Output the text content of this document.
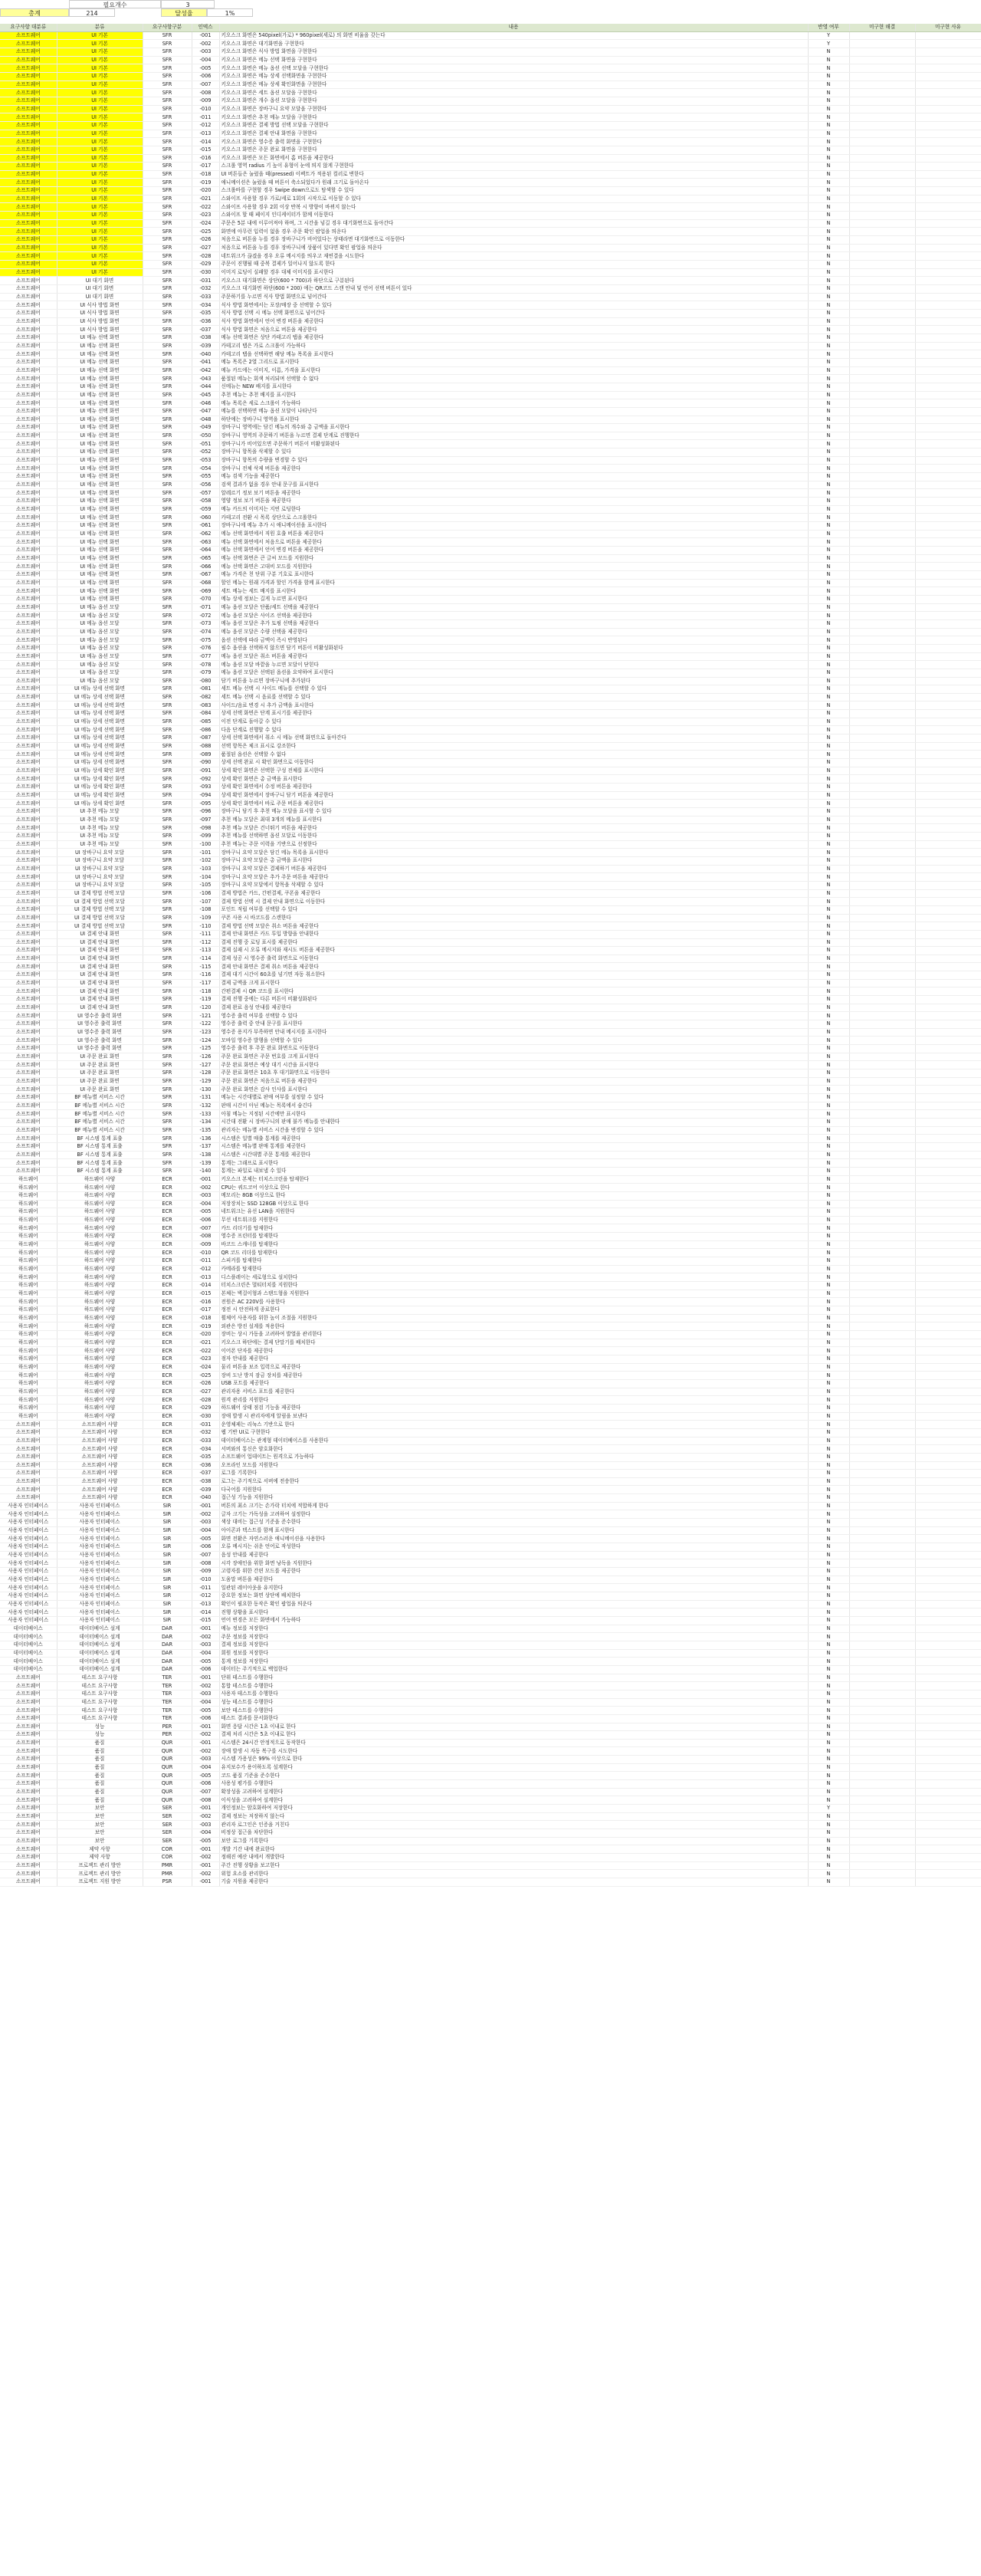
필요개수	3
총계	214	달성율	1%
요구사항 대분류	분류	요구사항구분	인덱스	내용	반영 여부	미구현 해결	미구현 사유
소프트웨어	UI 기본	SFR	-001	키오스크 화면은 540pixel(가로) * 960pixel(세로) 의 화면 비율을 갖는다	Y		
소프트웨어	UI 기본	SFR	-002	키오스크 화면은 대기화면을 구현한다	Y		
소프트웨어	UI 기본	SFR	-003	키오스크 화면은 식사 방법 화면을 구현한다	N		
소프트웨어	UI 기본	SFR	-004	키오스크 화면은 메뉴 선택 화면을 구현한다	N		
소프트웨어	UI 기본	SFR	-005	키오스크 화면은 메뉴 옵션 선택 모달을 구현한다	N		
소프트웨어	UI 기본	SFR	-006	키오스크 화면은 메뉴 상세 선택화면을 구현한다	N		
소프트웨어	UI 기본	SFR	-007	키오스크 화면은 메뉴 상세 확인화면을 구현한다	N		
소프트웨어	UI 기본	SFR	-008	키오스크 화면은 세트 옵션 모달을 구현한다	N		
소프트웨어	UI 기본	SFR	-009	키오스크 화면은 개수 옵션 모달을 구현한다	N		
소프트웨어	UI 기본	SFR	-010	키오스크 화면은 장바구니 요약 모달을 구현한다	N		
소프트웨어	UI 기본	SFR	-011	키오스크 화면은 추천 메뉴 모달을 구현한다	N		
소프트웨어	UI 기본	SFR	-012	키오스크 화면은 결제 방법 선택 모달을 구현한다	N		
소프트웨어	UI 기본	SFR	-013	키오스크 화면은 결제 안내 화면을 구현한다	N		
소프트웨어	UI 기본	SFR	-014	키오스크 화면은 영수증 출력 화면을 구현한다	N		
소프트웨어	UI 기본	SFR	-015	키오스크 화면은 주문 완료 화면을 구현한다	N		
소프트웨어	UI 기본	SFR	-016	키오스크 화면은 모든 화면에서 홈 버튼을 제공한다	N		
소프트웨어	UI 기본	SFR	-017	스크롤 영역 radius 기 높이 유형이 눈에 띄지 않게 구현한다	N		
소프트웨어	UI 기본	SFR	-018	UI 버튼들은 눌렀을 때(pressed) 이펙트가 적용된 컬러로 변한다	N		
소프트웨어	UI 기본	SFR	-019	애니메이션은 눌렀을 때 버튼이 축소되었다가 원래 크기로 돌아온다	N		
소프트웨어	UI 기본	SFR	-020	스크롤바를 구현할 경우 Swipe down으로도 탐색할 수 있다	N		
소프트웨어	UI 기본	SFR	-021	스와이프 사용할 경우 가로/세로 1회의 시작으로 이동할 수 있다	N		
소프트웨어	UI 기본	SFR	-022	스와이프 사용할 경우 2회 이상 반복 시 방향이 바뀌지 않는다	N		
소프트웨어	UI 기본	SFR	-023	스와이프 할 때 페이지 인디케이터가 함께 이동한다	N		
소프트웨어	UI 기본	SFR	-024	주문은 5분 내에 이루어져야 하며, 그 시간을 넘길 경우 대기화면으로 돌아간다	N		
소프트웨어	UI 기본	SFR	-025	화면에 아무런 입력이 없을 경우 주문 확인 팝업을 띄운다	N		
소프트웨어	UI 기본	SFR	-026	처음으로 버튼을 누를 경우 장바구니가 비어있다는 상태라면 대기화면으로 이동한다	N		
소프트웨어	UI 기본	SFR	-027	처음으로 버튼을 누를 경우 장바구니에 상품이 있다면 확인 팝업을 띄운다	N		
소프트웨어	UI 기본	SFR	-028	네트워크가 끊겼을 경우 오류 메시지를 띄우고 재연결을 시도한다	N		
소프트웨어	UI 기본	SFR	-029	주문이 진행될 때 중복 결제가 일어나지 않도록 한다	N		
소프트웨어	UI 기본	SFR	-030	이미지 로딩이 실패할 경우 대체 이미지를 표시한다	N		
소프트웨어	UI 대기 화면	SFR	-031	키오스크 대기화면은 상단(600 * 700)과 하단으로 구분된다	N		
소프트웨어	UI 대기 화면	SFR	-032	키오스크 대기화면 하단(600 * 200) 에는 QR코드 스캔 안내 및 언어 선택 버튼이 있다	N		
소프트웨어	UI 대기 화면	SFR	-033	주문하기를 누르면 식사 방법 화면으로 넘어간다	N		
소프트웨어	UI 식사 방법 화면	SFR	-034	식사 방법 화면에서는 포장/매장 중 선택할 수 있다	N		
소프트웨어	UI 식사 방법 화면	SFR	-035	식사 방법 선택 시 메뉴 선택 화면으로 넘어간다	N		
소프트웨어	UI 식사 방법 화면	SFR	-036	식사 방법 화면에서 언어 변경 버튼을 제공한다	N		
소프트웨어	UI 식사 방법 화면	SFR	-037	식사 방법 화면은 처음으로 버튼을 제공한다	N		
소프트웨어	UI 메뉴 선택 화면	SFR	-038	메뉴 선택 화면은 상단 카테고리 탭을 제공한다	N		
소프트웨어	UI 메뉴 선택 화면	SFR	-039	카테고리 탭은 가로 스크롤이 가능하다	N		
소프트웨어	UI 메뉴 선택 화면	SFR	-040	카테고리 탭을 선택하면 해당 메뉴 목록을 표시한다	N		
소프트웨어	UI 메뉴 선택 화면	SFR	-041	메뉴 목록은 2열 그리드로 표시한다	N		
소프트웨어	UI 메뉴 선택 화면	SFR	-042	메뉴 카드에는 이미지, 이름, 가격을 표시한다	N		
소프트웨어	UI 메뉴 선택 화면	SFR	-043	품절된 메뉴는 회색 처리되며 선택할 수 없다	N		
소프트웨어	UI 메뉴 선택 화면	SFR	-044	신메뉴는 NEW 배지를 표시한다	N		
소프트웨어	UI 메뉴 선택 화면	SFR	-045	추천 메뉴는 추천 배지를 표시한다	N		
소프트웨어	UI 메뉴 선택 화면	SFR	-046	메뉴 목록은 세로 스크롤이 가능하다	N		
소프트웨어	UI 메뉴 선택 화면	SFR	-047	메뉴를 선택하면 메뉴 옵션 모달이 나타난다	N		
소프트웨어	UI 메뉴 선택 화면	SFR	-048	하단에는 장바구니 영역을 표시한다	N		
소프트웨어	UI 메뉴 선택 화면	SFR	-049	장바구니 영역에는 담긴 메뉴의 개수와 총 금액을 표시한다	N		
소프트웨어	UI 메뉴 선택 화면	SFR	-050	장바구니 영역의 주문하기 버튼을 누르면 결제 단계로 진행한다	N		
소프트웨어	UI 메뉴 선택 화면	SFR	-051	장바구니가 비어있으면 주문하기 버튼이 비활성화된다	N		
소프트웨어	UI 메뉴 선택 화면	SFR	-052	장바구니 항목을 삭제할 수 있다	N		
소프트웨어	UI 메뉴 선택 화면	SFR	-053	장바구니 항목의 수량을 변경할 수 있다	N		
소프트웨어	UI 메뉴 선택 화면	SFR	-054	장바구니 전체 삭제 버튼을 제공한다	N		
소프트웨어	UI 메뉴 선택 화면	SFR	-055	메뉴 검색 기능을 제공한다	N		
소프트웨어	UI 메뉴 선택 화면	SFR	-056	검색 결과가 없을 경우 안내 문구를 표시한다	N		
소프트웨어	UI 메뉴 선택 화면	SFR	-057	알레르기 정보 보기 버튼을 제공한다	N		
소프트웨어	UI 메뉴 선택 화면	SFR	-058	영양 정보 보기 버튼을 제공한다	N		
소프트웨어	UI 메뉴 선택 화면	SFR	-059	메뉴 카드의 이미지는 지연 로딩한다	N		
소프트웨어	UI 메뉴 선택 화면	SFR	-060	카테고리 전환 시 목록 상단으로 스크롤한다	N		
소프트웨어	UI 메뉴 선택 화면	SFR	-061	장바구니에 메뉴 추가 시 애니메이션을 표시한다	N		
소프트웨어	UI 메뉴 선택 화면	SFR	-062	메뉴 선택 화면에서 직원 호출 버튼을 제공한다	N		
소프트웨어	UI 메뉴 선택 화면	SFR	-063	메뉴 선택 화면에서 처음으로 버튼을 제공한다	N		
소프트웨어	UI 메뉴 선택 화면	SFR	-064	메뉴 선택 화면에서 언어 변경 버튼을 제공한다	N		
소프트웨어	UI 메뉴 선택 화면	SFR	-065	메뉴 선택 화면은 큰 글씨 모드를 지원한다	N		
소프트웨어	UI 메뉴 선택 화면	SFR	-066	메뉴 선택 화면은 고대비 모드를 지원한다	N		
소프트웨어	UI 메뉴 선택 화면	SFR	-067	메뉴 가격은 천 단위 구분 기호로 표시한다	N		
소프트웨어	UI 메뉴 선택 화면	SFR	-068	할인 메뉴는 원래 가격과 할인 가격을 함께 표시한다	N		
소프트웨어	UI 메뉴 선택 화면	SFR	-069	세트 메뉴는 세트 배지를 표시한다	N		
소프트웨어	UI 메뉴 선택 화면	SFR	-070	메뉴 상세 정보는 길게 누르면 표시한다	N		
소프트웨어	UI 메뉴 옵션 모달	SFR	-071	메뉴 옵션 모달은 단품/세트 선택을 제공한다	N		
소프트웨어	UI 메뉴 옵션 모달	SFR	-072	메뉴 옵션 모달은 사이즈 선택을 제공한다	N		
소프트웨어	UI 메뉴 옵션 모달	SFR	-073	메뉴 옵션 모달은 추가 토핑 선택을 제공한다	N		
소프트웨어	UI 메뉴 옵션 모달	SFR	-074	메뉴 옵션 모달은 수량 선택을 제공한다	N		
소프트웨어	UI 메뉴 옵션 모달	SFR	-075	옵션 선택에 따라 금액이 즉시 반영된다	N		
소프트웨어	UI 메뉴 옵션 모달	SFR	-076	필수 옵션을 선택하지 않으면 담기 버튼이 비활성화된다	N		
소프트웨어	UI 메뉴 옵션 모달	SFR	-077	메뉴 옵션 모달은 취소 버튼을 제공한다	N		
소프트웨어	UI 메뉴 옵션 모달	SFR	-078	메뉴 옵션 모달 바깥을 누르면 모달이 닫힌다	N		
소프트웨어	UI 메뉴 옵션 모달	SFR	-079	메뉴 옵션 모달은 선택된 옵션을 요약하여 표시한다	N		
소프트웨어	UI 메뉴 옵션 모달	SFR	-080	담기 버튼을 누르면 장바구니에 추가된다	N		
소프트웨어	UI 메뉴 상세 선택 화면	SFR	-081	세트 메뉴 선택 시 사이드 메뉴를 선택할 수 있다	N		
소프트웨어	UI 메뉴 상세 선택 화면	SFR	-082	세트 메뉴 선택 시 음료를 선택할 수 있다	N		
소프트웨어	UI 메뉴 상세 선택 화면	SFR	-083	사이드/음료 변경 시 추가 금액을 표시한다	N		
소프트웨어	UI 메뉴 상세 선택 화면	SFR	-084	상세 선택 화면은 단계 표시기를 제공한다	N		
소프트웨어	UI 메뉴 상세 선택 화면	SFR	-085	이전 단계로 돌아갈 수 있다	N		
소프트웨어	UI 메뉴 상세 선택 화면	SFR	-086	다음 단계로 진행할 수 있다	N		
소프트웨어	UI 메뉴 상세 선택 화면	SFR	-087	상세 선택 화면에서 취소 시 메뉴 선택 화면으로 돌아간다	N		
소프트웨어	UI 메뉴 상세 선택 화면	SFR	-088	선택 항목은 체크 표시로 강조한다	N		
소프트웨어	UI 메뉴 상세 선택 화면	SFR	-089	품절된 옵션은 선택할 수 없다	N		
소프트웨어	UI 메뉴 상세 선택 화면	SFR	-090	상세 선택 완료 시 확인 화면으로 이동한다	N		
소프트웨어	UI 메뉴 상세 확인 화면	SFR	-091	상세 확인 화면은 선택한 구성 전체를 표시한다	N		
소프트웨어	UI 메뉴 상세 확인 화면	SFR	-092	상세 확인 화면은 총 금액을 표시한다	N		
소프트웨어	UI 메뉴 상세 확인 화면	SFR	-093	상세 확인 화면에서 수정 버튼을 제공한다	N		
소프트웨어	UI 메뉴 상세 확인 화면	SFR	-094	상세 확인 화면에서 장바구니 담기 버튼을 제공한다	N		
소프트웨어	UI 메뉴 상세 확인 화면	SFR	-095	상세 확인 화면에서 바로 주문 버튼을 제공한다	N		
소프트웨어	UI 추천 메뉴 모달	SFR	-096	장바구니 담기 후 추천 메뉴 모달을 표시할 수 있다	N		
소프트웨어	UI 추천 메뉴 모달	SFR	-097	추천 메뉴 모달은 최대 3개의 메뉴를 표시한다	N		
소프트웨어	UI 추천 메뉴 모달	SFR	-098	추천 메뉴 모달은 건너뛰기 버튼을 제공한다	N		
소프트웨어	UI 추천 메뉴 모달	SFR	-099	추천 메뉴를 선택하면 옵션 모달로 이동한다	N		
소프트웨어	UI 추천 메뉴 모달	SFR	-100	추천 메뉴는 주문 이력을 기반으로 선정한다	N		
소프트웨어	UI 장바구니 요약 모달	SFR	-101	장바구니 요약 모달은 담긴 메뉴 목록을 표시한다	N		
소프트웨어	UI 장바구니 요약 모달	SFR	-102	장바구니 요약 모달은 총 금액을 표시한다	N		
소프트웨어	UI 장바구니 요약 모달	SFR	-103	장바구니 요약 모달은 결제하기 버튼을 제공한다	N		
소프트웨어	UI 장바구니 요약 모달	SFR	-104	장바구니 요약 모달은 추가 주문 버튼을 제공한다	N		
소프트웨어	UI 장바구니 요약 모달	SFR	-105	장바구니 요약 모달에서 항목을 삭제할 수 있다	N		
소프트웨어	UI 결제 방법 선택 모달	SFR	-106	결제 방법은 카드, 간편결제, 쿠폰을 제공한다	N		
소프트웨어	UI 결제 방법 선택 모달	SFR	-107	결제 방법 선택 시 결제 안내 화면으로 이동한다	N		
소프트웨어	UI 결제 방법 선택 모달	SFR	-108	포인트 적립 여부를 선택할 수 있다	N		
소프트웨어	UI 결제 방법 선택 모달	SFR	-109	쿠폰 사용 시 바코드를 스캔한다	N		
소프트웨어	UI 결제 방법 선택 모달	SFR	-110	결제 방법 선택 모달은 취소 버튼을 제공한다	N		
소프트웨어	UI 결제 안내 화면	SFR	-111	결제 안내 화면은 카드 투입 방향을 안내한다	N		
소프트웨어	UI 결제 안내 화면	SFR	-112	결제 진행 중 로딩 표시를 제공한다	N		
소프트웨어	UI 결제 안내 화면	SFR	-113	결제 실패 시 오류 메시지와 재시도 버튼을 제공한다	N		
소프트웨어	UI 결제 안내 화면	SFR	-114	결제 성공 시 영수증 출력 화면으로 이동한다	N		
소프트웨어	UI 결제 안내 화면	SFR	-115	결제 안내 화면은 결제 취소 버튼을 제공한다	N		
소프트웨어	UI 결제 안내 화면	SFR	-116	결제 대기 시간이 60초를 넘기면 자동 취소한다	N		
소프트웨어	UI 결제 안내 화면	SFR	-117	결제 금액을 크게 표시한다	N		
소프트웨어	UI 결제 안내 화면	SFR	-118	간편결제 시 QR 코드를 표시한다	N		
소프트웨어	UI 결제 안내 화면	SFR	-119	결제 진행 중에는 다른 버튼이 비활성화된다	N		
소프트웨어	UI 결제 안내 화면	SFR	-120	결제 완료 음성 안내를 제공한다	N		
소프트웨어	UI 영수증 출력 화면	SFR	-121	영수증 출력 여부를 선택할 수 있다	N		
소프트웨어	UI 영수증 출력 화면	SFR	-122	영수증 출력 중 안내 문구를 표시한다	N		
소프트웨어	UI 영수증 출력 화면	SFR	-123	영수증 용지가 부족하면 안내 메시지를 표시한다	N		
소프트웨어	UI 영수증 출력 화면	SFR	-124	모바일 영수증 발행을 선택할 수 있다	N		
소프트웨어	UI 영수증 출력 화면	SFR	-125	영수증 출력 후 주문 완료 화면으로 이동한다	N		
소프트웨어	UI 주문 완료 화면	SFR	-126	주문 완료 화면은 주문 번호를 크게 표시한다	N		
소프트웨어	UI 주문 완료 화면	SFR	-127	주문 완료 화면은 예상 대기 시간을 표시한다	N		
소프트웨어	UI 주문 완료 화면	SFR	-128	주문 완료 화면은 10초 후 대기화면으로 이동한다	N		
소프트웨어	UI 주문 완료 화면	SFR	-129	주문 완료 화면은 처음으로 버튼을 제공한다	N		
소프트웨어	UI 주문 완료 화면	SFR	-130	주문 완료 화면은 감사 인사를 표시한다	N		
소프트웨어	BF 메뉴별 서비스 시간	SFR	-131	메뉴는 시간대별로 판매 여부를 설정할 수 있다	N		
소프트웨어	BF 메뉴별 서비스 시간	SFR	-132	판매 시간이 아닌 메뉴는 목록에서 숨긴다	N		
소프트웨어	BF 메뉴별 서비스 시간	SFR	-133	아침 메뉴는 지정된 시간에만 표시한다	N		
소프트웨어	BF 메뉴별 서비스 시간	SFR	-134	시간대 전환 시 장바구니의 판매 불가 메뉴를 안내한다	N		
소프트웨어	BF 메뉴별 서비스 시간	SFR	-135	관리자는 메뉴별 서비스 시간을 변경할 수 있다	N		
소프트웨어	BF 시스템 통계 표출	SFR	-136	시스템은 일별 매출 통계를 제공한다	N		
소프트웨어	BF 시스템 통계 표출	SFR	-137	시스템은 메뉴별 판매 통계를 제공한다	N		
소프트웨어	BF 시스템 통계 표출	SFR	-138	시스템은 시간대별 주문 통계를 제공한다	N		
소프트웨어	BF 시스템 통계 표출	SFR	-139	통계는 그래프로 표시한다	N		
소프트웨어	BF 시스템 통계 표출	SFR	-140	통계는 파일로 내보낼 수 있다	N		
하드웨어	하드웨어 사양	ECR	-001	키오스크 본체는 터치스크린을 탑재한다	N		
하드웨어	하드웨어 사양	ECR	-002	CPU는 쿼드코어 이상으로 한다	N		
하드웨어	하드웨어 사양	ECR	-003	메모리는 8GB 이상으로 한다	N		
하드웨어	하드웨어 사양	ECR	-004	저장장치는 SSD 128GB 이상으로 한다	N		
하드웨어	하드웨어 사양	ECR	-005	네트워크는 유선 LAN을 지원한다	N		
하드웨어	하드웨어 사양	ECR	-006	무선 네트워크를 지원한다	N		
하드웨어	하드웨어 사양	ECR	-007	카드 리더기를 탑재한다	N		
하드웨어	하드웨어 사양	ECR	-008	영수증 프린터를 탑재한다	N		
하드웨어	하드웨어 사양	ECR	-009	바코드 스캐너를 탑재한다	N		
하드웨어	하드웨어 사양	ECR	-010	QR 코드 리더를 탑재한다	N		
하드웨어	하드웨어 사양	ECR	-011	스피커를 탑재한다	N		
하드웨어	하드웨어 사양	ECR	-012	카메라를 탑재한다	N		
하드웨어	하드웨어 사양	ECR	-013	디스플레이는 세로형으로 설치한다	N		
하드웨어	하드웨어 사양	ECR	-014	터치스크린은 멀티터치를 지원한다	N		
하드웨어	하드웨어 사양	ECR	-015	본체는 벽걸이형과 스탠드형을 지원한다	N		
하드웨어	하드웨어 사양	ECR	-016	전원은 AC 220V를 사용한다	N		
하드웨어	하드웨어 사양	ECR	-017	정전 시 안전하게 종료한다	N		
하드웨어	하드웨어 사양	ECR	-018	휠체어 사용자를 위한 높이 조절을 지원한다	N		
하드웨어	하드웨어 사양	ECR	-019	외관은 방진 설계를 적용한다	N		
하드웨어	하드웨어 사양	ECR	-020	장비는 상시 가동을 고려하여 발열을 관리한다	N		
하드웨어	하드웨어 사양	ECR	-021	키오스크 하단에는 결제 단말기를 배치한다	N		
하드웨어	하드웨어 사양	ECR	-022	이어폰 단자를 제공한다	N		
하드웨어	하드웨어 사양	ECR	-023	점자 안내를 제공한다	N		
하드웨어	하드웨어 사양	ECR	-024	물리 버튼을 보조 입력으로 제공한다	N		
하드웨어	하드웨어 사양	ECR	-025	장비 도난 방지 잠금 장치를 제공한다	N		
하드웨어	하드웨어 사양	ECR	-026	USB 포트를 제공한다	N		
하드웨어	하드웨어 사양	ECR	-027	관리자용 서비스 포트를 제공한다	N		
하드웨어	하드웨어 사양	ECR	-028	원격 관리를 지원한다	N		
하드웨어	하드웨어 사양	ECR	-029	하드웨어 상태 점검 기능을 제공한다	N		
하드웨어	하드웨어 사양	ECR	-030	장애 발생 시 관리자에게 알림을 보낸다	N		
소프트웨어	소프트웨어 사양	ECR	-031	운영체제는 리눅스 기반으로 한다	N		
소프트웨어	소프트웨어 사양	ECR	-032	웹 기반 UI로 구현한다	N		
소프트웨어	소프트웨어 사양	ECR	-033	데이터베이스는 관계형 데이터베이스를 사용한다	N		
소프트웨어	소프트웨어 사양	ECR	-034	서버와의 통신은 암호화한다	N		
소프트웨어	소프트웨어 사양	ECR	-035	소프트웨어 업데이트는 원격으로 가능하다	N		
소프트웨어	소프트웨어 사양	ECR	-036	오프라인 모드를 지원한다	N		
소프트웨어	소프트웨어 사양	ECR	-037	로그를 기록한다	N		
소프트웨어	소프트웨어 사양	ECR	-038	로그는 주기적으로 서버에 전송한다	N		
소프트웨어	소프트웨어 사양	ECR	-039	다국어를 지원한다	N		
소프트웨어	소프트웨어 사양	ECR	-040	접근성 기능을 지원한다	N		
사용자 인터페이스	사용자 인터페이스	SIR	-001	버튼의 최소 크기는 손가락 터치에 적합하게 한다	N		
사용자 인터페이스	사용자 인터페이스	SIR	-002	글자 크기는 가독성을 고려하여 설정한다	N		
사용자 인터페이스	사용자 인터페이스	SIR	-003	색상 대비는 접근성 기준을 준수한다	N		
사용자 인터페이스	사용자 인터페이스	SIR	-004	아이콘과 텍스트를 함께 표시한다	N		
사용자 인터페이스	사용자 인터페이스	SIR	-005	화면 전환은 자연스러운 애니메이션을 사용한다	N		
사용자 인터페이스	사용자 인터페이스	SIR	-006	오류 메시지는 쉬운 언어로 작성한다	N		
사용자 인터페이스	사용자 인터페이스	SIR	-007	음성 안내를 제공한다	N		
사용자 인터페이스	사용자 인터페이스	SIR	-008	시각 장애인을 위한 화면 낭독을 지원한다	N		
사용자 인터페이스	사용자 인터페이스	SIR	-009	고령자를 위한 간편 모드를 제공한다	N		
사용자 인터페이스	사용자 인터페이스	SIR	-010	도움말 버튼을 제공한다	N		
사용자 인터페이스	사용자 인터페이스	SIR	-011	일관된 레이아웃을 유지한다	N		
사용자 인터페이스	사용자 인터페이스	SIR	-012	중요한 정보는 화면 상단에 배치한다	N		
사용자 인터페이스	사용자 인터페이스	SIR	-013	확인이 필요한 동작은 확인 팝업을 띄운다	N		
사용자 인터페이스	사용자 인터페이스	SIR	-014	진행 상황을 표시한다	N		
사용자 인터페이스	사용자 인터페이스	SIR	-015	언어 변경은 모든 화면에서 가능하다	N		
데이터베이스	데이터베이스 설계	DAR	-001	메뉴 정보를 저장한다	N		
데이터베이스	데이터베이스 설계	DAR	-002	주문 정보를 저장한다	N		
데이터베이스	데이터베이스 설계	DAR	-003	결제 정보를 저장한다	N		
데이터베이스	데이터베이스 설계	DAR	-004	회원 정보를 저장한다	N		
데이터베이스	데이터베이스 설계	DAR	-005	통계 정보를 저장한다	N		
데이터베이스	데이터베이스 설계	DAR	-006	데이터는 주기적으로 백업한다	N		
소프트웨어	테스트 요구사항	TER	-001	단위 테스트를 수행한다	N		
소프트웨어	테스트 요구사항	TER	-002	통합 테스트를 수행한다	N		
소프트웨어	테스트 요구사항	TER	-003	사용자 테스트를 수행한다	N		
소프트웨어	테스트 요구사항	TER	-004	성능 테스트를 수행한다	N		
소프트웨어	테스트 요구사항	TER	-005	보안 테스트를 수행한다	N		
소프트웨어	테스트 요구사항	TER	-006	테스트 결과를 문서화한다	N		
소프트웨어	성능	PER	-001	화면 응답 시간은 1초 이내로 한다	N		
소프트웨어	성능	PER	-002	결제 처리 시간은 5초 이내로 한다	N		
소프트웨어	품질	QUR	-001	시스템은 24시간 안정적으로 동작한다	N		
소프트웨어	품질	QUR	-002	장애 발생 시 자동 복구를 시도한다	N		
소프트웨어	품질	QUR	-003	시스템 가용성은 99% 이상으로 한다	N		
소프트웨어	품질	QUR	-004	유지보수가 용이하도록 설계한다	N		
소프트웨어	품질	QUR	-005	코드 품질 기준을 준수한다	N		
소프트웨어	품질	QUR	-006	사용성 평가를 수행한다	N		
소프트웨어	품질	QUR	-007	확장성을 고려하여 설계한다	N		
소프트웨어	품질	QUR	-008	이식성을 고려하여 설계한다	N		
소프트웨어	보안	SER	-001	개인정보는 암호화하여 저장한다	Y		
소프트웨어	보안	SER	-002	결제 정보는 저장하지 않는다	N		
소프트웨어	보안	SER	-003	관리자 로그인은 인증을 거친다	N		
소프트웨어	보안	SER	-004	비정상 접근을 차단한다	N		
소프트웨어	보안	SER	-005	보안 로그를 기록한다	N		
소프트웨어	제약 사항	COR	-001	개발 기간 내에 완료한다	N		
소프트웨어	제약 사항	COR	-002	정해진 예산 내에서 개발한다	N		
소프트웨어	프로젝트 관리 방안	PMR	-001	주간 진행 상황을 보고한다	N		
소프트웨어	프로젝트 관리 방안	PMR	-002	위험 요소를 관리한다	N		
소프트웨어	프로젝트 지원 방안	PSR	-001	기술 지원을 제공한다	N		
